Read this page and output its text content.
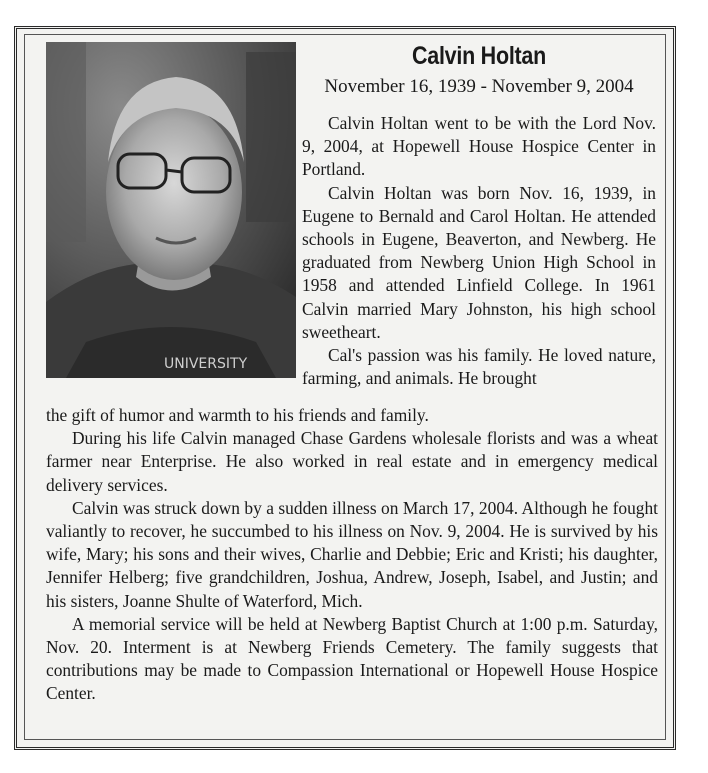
UNIVERSITY
Calvin Holtan
November 16, 1939 - November 9, 2004

Calvin Holtan went to be with the Lord Nov. 9, 2004, at Hopewell House Hospice Center in Portland.

Calvin Holtan was born Nov. 16, 1939, in Eugene to Bernald and Carol Holtan. He attended schools in Eugene, Beaverton, and Newberg. He graduated from Newberg Union High School in 1958 and attended Linfield College. In 1961 Calvin married Mary Johnston, his high school sweetheart.

Cal's passion was his family. He loved nature, farming, and animals. He brought

the gift of humor and warmth to his friends and family.

During his life Calvin managed Chase Gardens wholesale florists and was a wheat farmer near Enterprise. He also worked in real estate and in emergency medical delivery services.

Calvin was struck down by a sudden illness on March 17, 2004. Although he fought valiantly to recover, he succumbed to his illness on Nov. 9, 2004. He is survived by his wife, Mary; his sons and their wives, Charlie and Debbie; Eric and Kristi; his daughter, Jennifer Helberg; five grandchildren, Joshua, Andrew, Joseph, Isabel, and Justin; and his sisters, Joanne Shulte of Waterford, Mich.

A memorial service will be held at Newberg Baptist Church at 1:00 p.m. Saturday, Nov. 20. Interment is at Newberg Friends Cemetery. The family suggests that contributions may be made to Compassion International or Hopewell House Hospice Center.
